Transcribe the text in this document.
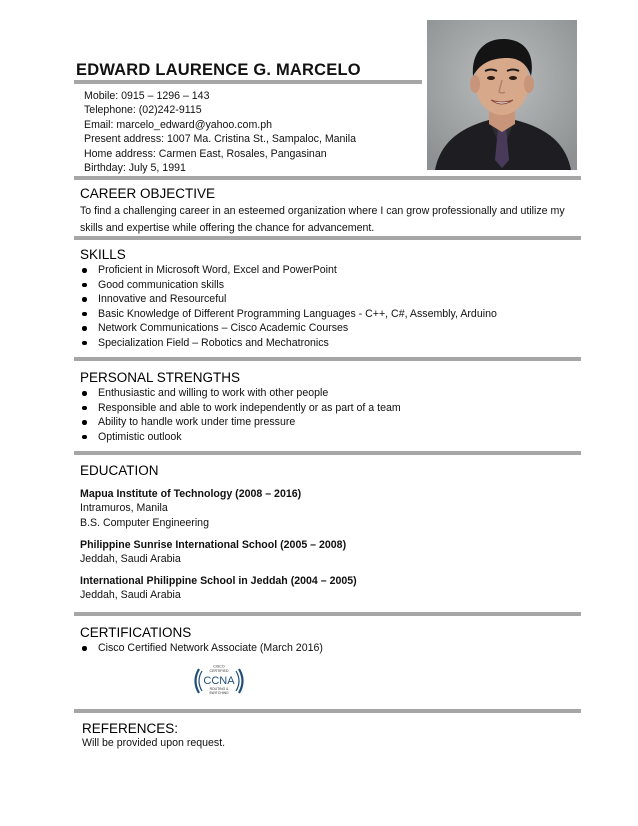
EDWARD LAURENCE G. MARCELO
Mobile: 0915 – 1296 – 143
Telephone: (02)242-9115
Email: marcelo_edward@yahoo.com.ph
Present address: 1007 Ma. Cristina St., Sampaloc, Manila
Home address: Carmen East, Rosales, Pangasinan
Birthday: July 5, 1991
CAREER OBJECTIVE
To find a challenging career in an esteemed organization where I can grow professionally and utilize my
skills and expertise while offering the chance for advancement.
SKILLS
Proficient in Microsoft Word, Excel and PowerPoint
Good communication skills
Innovative and Resourceful
Basic Knowledge of Different Programming Languages - C++, C#, Assembly, Arduino
Network Communications – Cisco Academic Courses
Specialization Field – Robotics and Mechatronics
PERSONAL STRENGTHS
Enthusiastic and willing to work with other people
Responsible and able to work independently or as part of a team
Ability to handle work under time pressure
Optimistic outlook
EDUCATION
Mapua Institute of Technology (2008 – 2016)
Intramuros, Manila
B.S. Computer Engineering
Philippine Sunrise International School (2005 – 2008)
Jeddah, Saudi Arabia
International Philippine School in Jeddah (2004 – 2005)
Jeddah, Saudi Arabia
CERTIFICATIONS
Cisco Certified Network Associate (March 2016)
CISCO
CERTIFIED
CCNA
ROUTING &
SWITCHING
REFERENCES:
Will be provided upon request.
